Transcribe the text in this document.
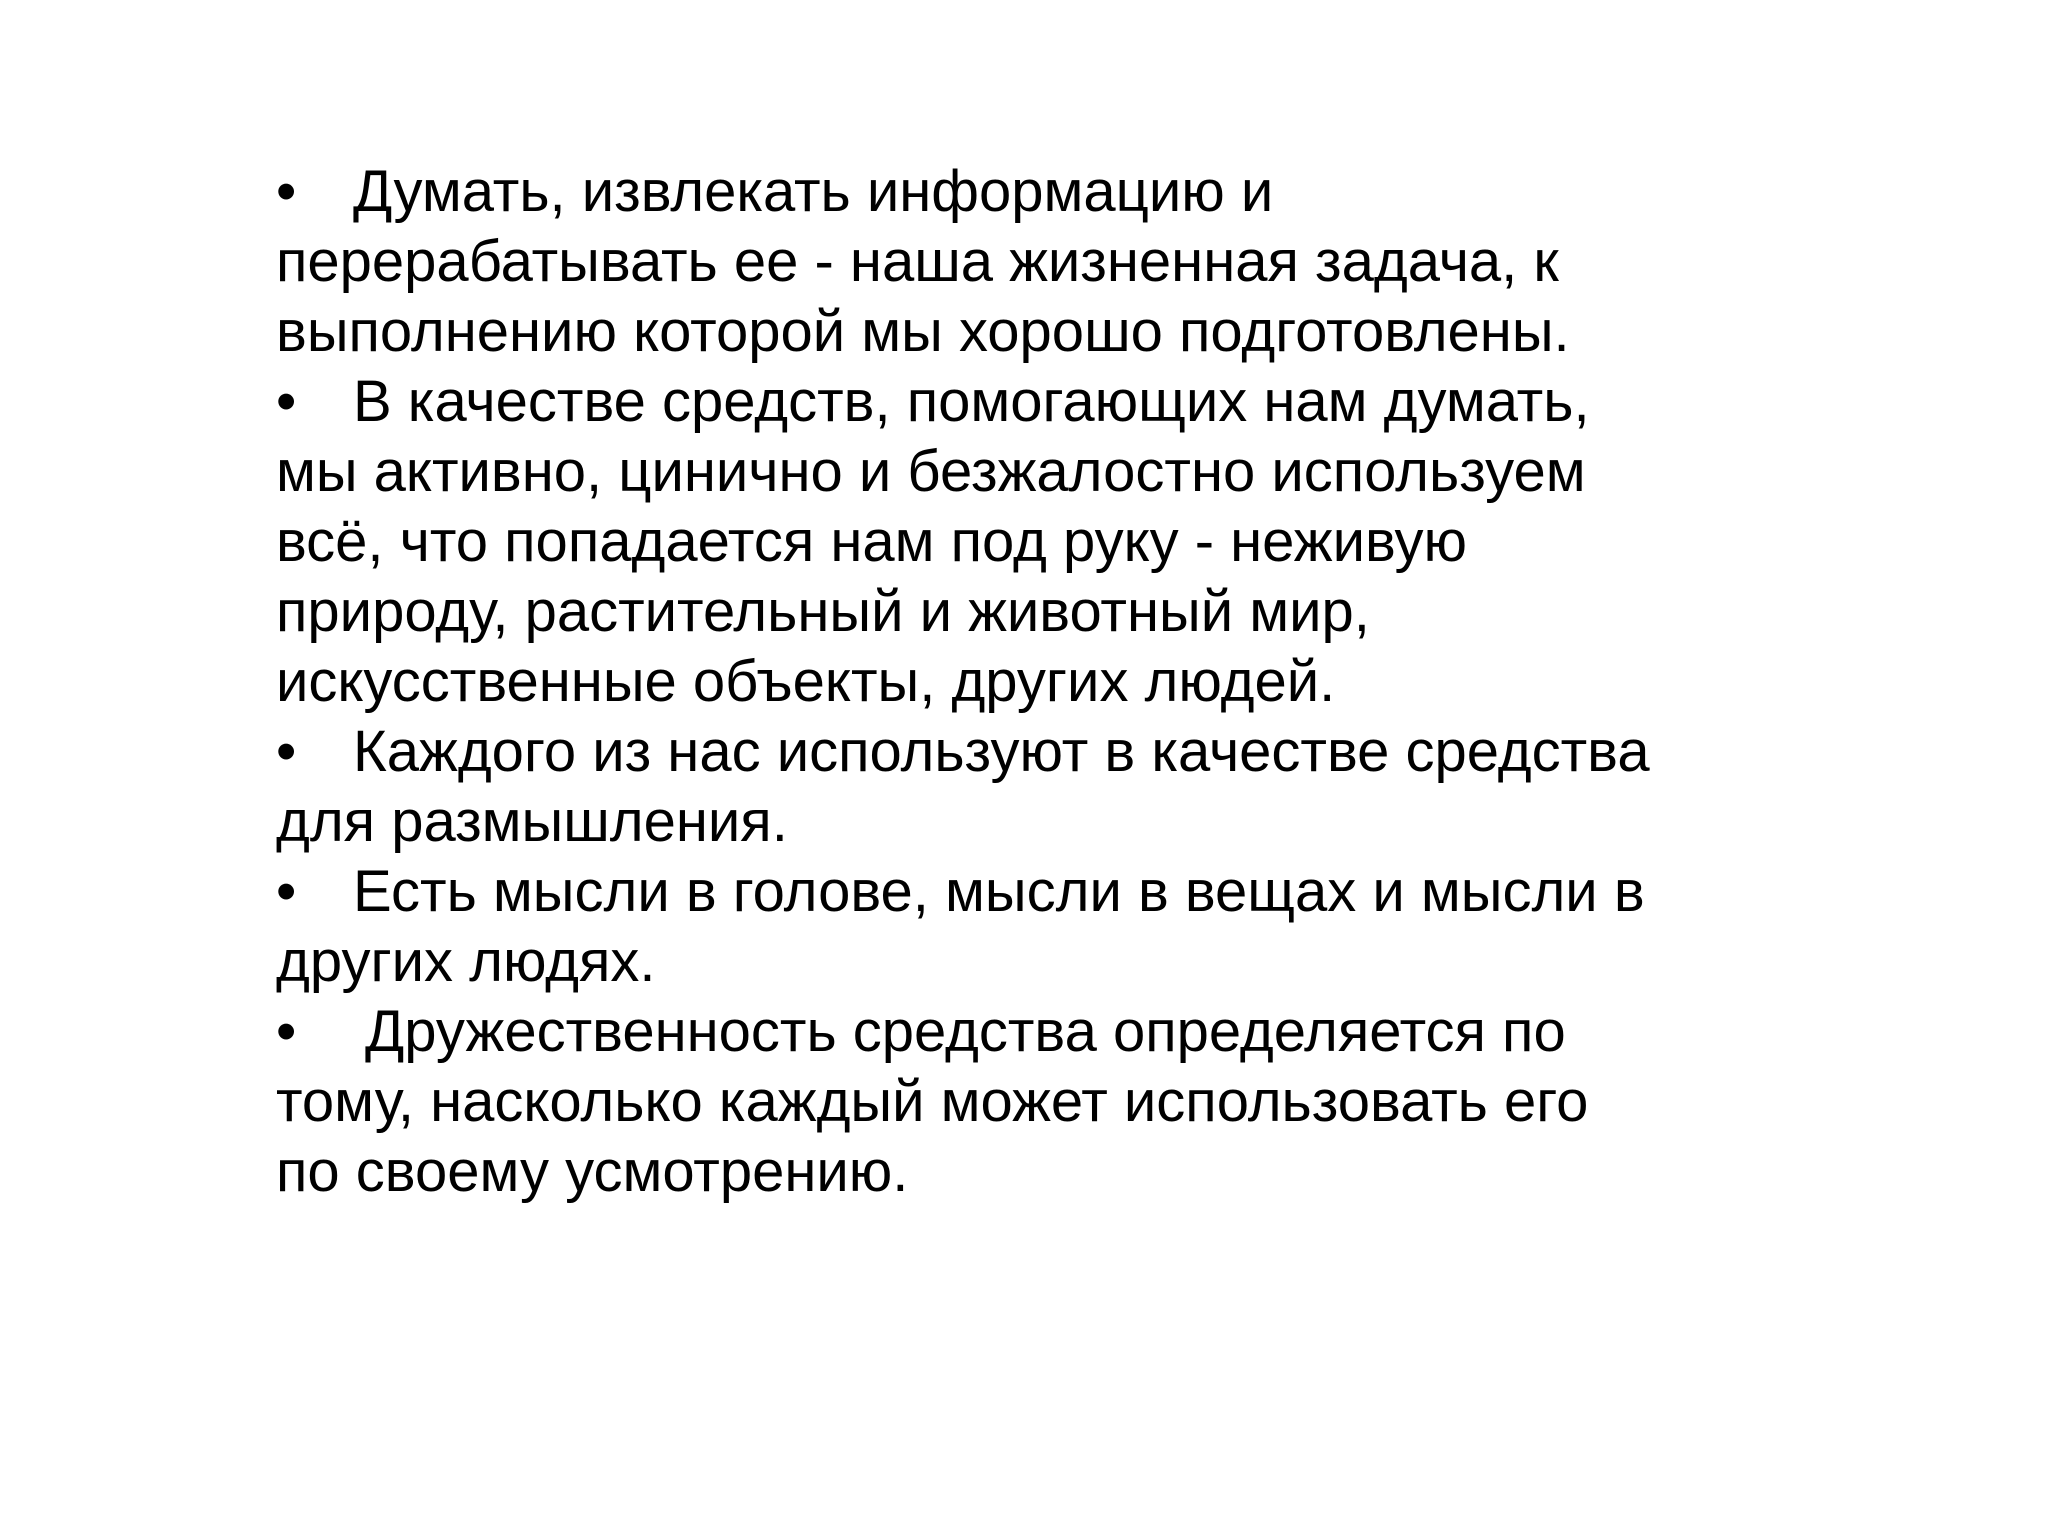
• Думать, извлекать информацию и
перерабатывать ее - наша жизненная задача, к
выполнению которой мы хорошо подготовлены.
• В качестве средств, помогающих нам думать,
мы активно, цинично и безжалостно используем
всё, что попадается нам под руку - неживую
природу, растительный и животный мир,
искусственные объекты, других людей.
• Каждого из нас используют в качестве средства
для размышления.
• Есть мысли в голове, мысли в вещах и мысли в
других людях.
• Дружественность средства определяется по
тому, насколько каждый может использовать его
по своему усмотрению.
